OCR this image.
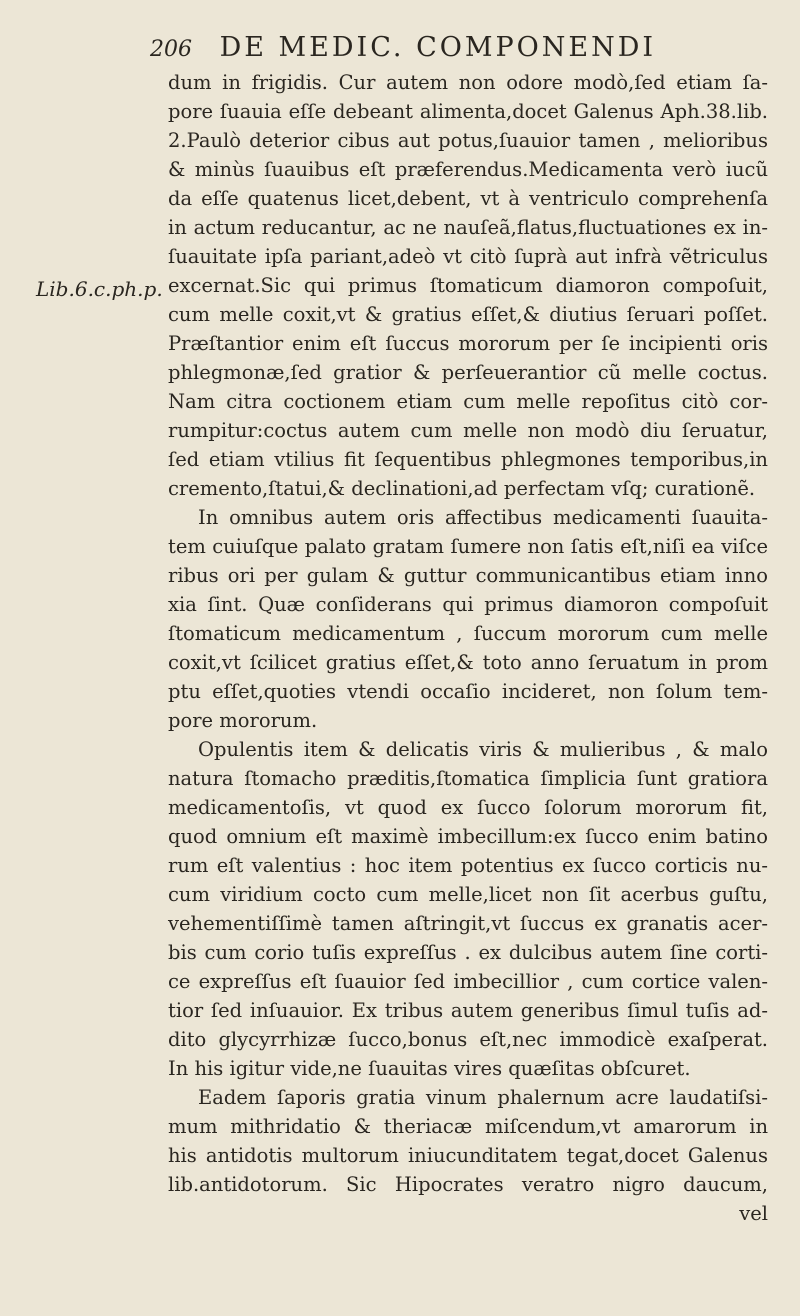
206 DE MEDIC. COMPONENDI
Lib.6.c.ph.p.
dum in frigidis. Cur autem non odore modò,ſed etiam ſa-
pore ſuauia eſſe debeant alimenta,docet Galenus Aph.38.lib.
2.Paulò deterior cibus aut potus,ſuauior tamen , melioribus
& minùs ſuauibus eſt præferendus.Medicamenta verò iucũ
da eſſe quatenus licet,debent, vt à ventriculo comprehenſa
in actum reducantur, ac ne nauſeã,flatus,fluctuationes ex in-
ſuauitate ipſa pariant,adeò vt citò ſuprà aut infrà vẽtriculus
excernat.Sic qui primus ſtomaticum diamoron compoſuit,
cum melle coxit,vt & gratius eſſet,& diutius ſeruari poſſet.
Præſtantior enim eſt ſuccus mororum per ſe incipienti oris
phlegmonæ,ſed gratior & perſeuerantior cũ melle coctus.
Nam citra coctionem etiam cum melle repoſitus citò cor-
rumpitur:coctus autem cum melle non modò diu ſeruatur,
ſed etiam vtilius fit ſequentibus phlegmones temporibus,in
cremento,ſtatui,& declinationi,ad perfectam vſq; curationẽ.
In omnibus autem oris affectibus medicamenti ſuauita-
tem cuiuſque palato gratam ſumere non ſatis eſt,niſi ea viſce
ribus ori per gulam & guttur communicantibus etiam inno
xia ſint. Quæ conſiderans qui primus diamoron compoſuit
ſtomaticum medicamentum , ſuccum mororum cum melle
coxit,vt ſcilicet gratius eſſet,& toto anno ſeruatum in prom
ptu eſſet,quoties vtendi occaſio incideret, non ſolum tem-
pore mororum.
Opulentis item & delicatis viris & mulieribus , & malo
natura ſtomacho præditis,ſtomatica ſimplicia ſunt gratiora
medicamentoſis, vt quod ex ſucco ſolorum mororum fit,
quod omnium eſt maximè imbecillum:ex ſucco enim batino
rum eſt valentius : hoc item potentius ex ſucco corticis nu-
cum viridium cocto cum melle,licet non ſit acerbus guſtu,
vehementiſſimè tamen aſtringit,vt ſuccus ex granatis acer-
bis cum corio tuſis expreſſus . ex dulcibus autem ſine corti-
ce expreſſus eſt ſuauior ſed imbecillior , cum cortice valen-
tior ſed inſuauior. Ex tribus autem generibus ſimul tuſis ad-
dito glycyrrhizæ ſucco,bonus eſt,nec immodicè exaſperat.
In his igitur vide,ne ſuauitas vires quæſitas obſcuret.
Eadem ſaporis gratia vinum phalernum acre laudatiſsi-
mum mithridatio & theriacæ miſcendum,vt amarorum in
his antidotis multorum iniucunditatem tegat,docet Galenus
lib.antidotorum. Sic Hipocrates veratro nigro daucum,
vel
